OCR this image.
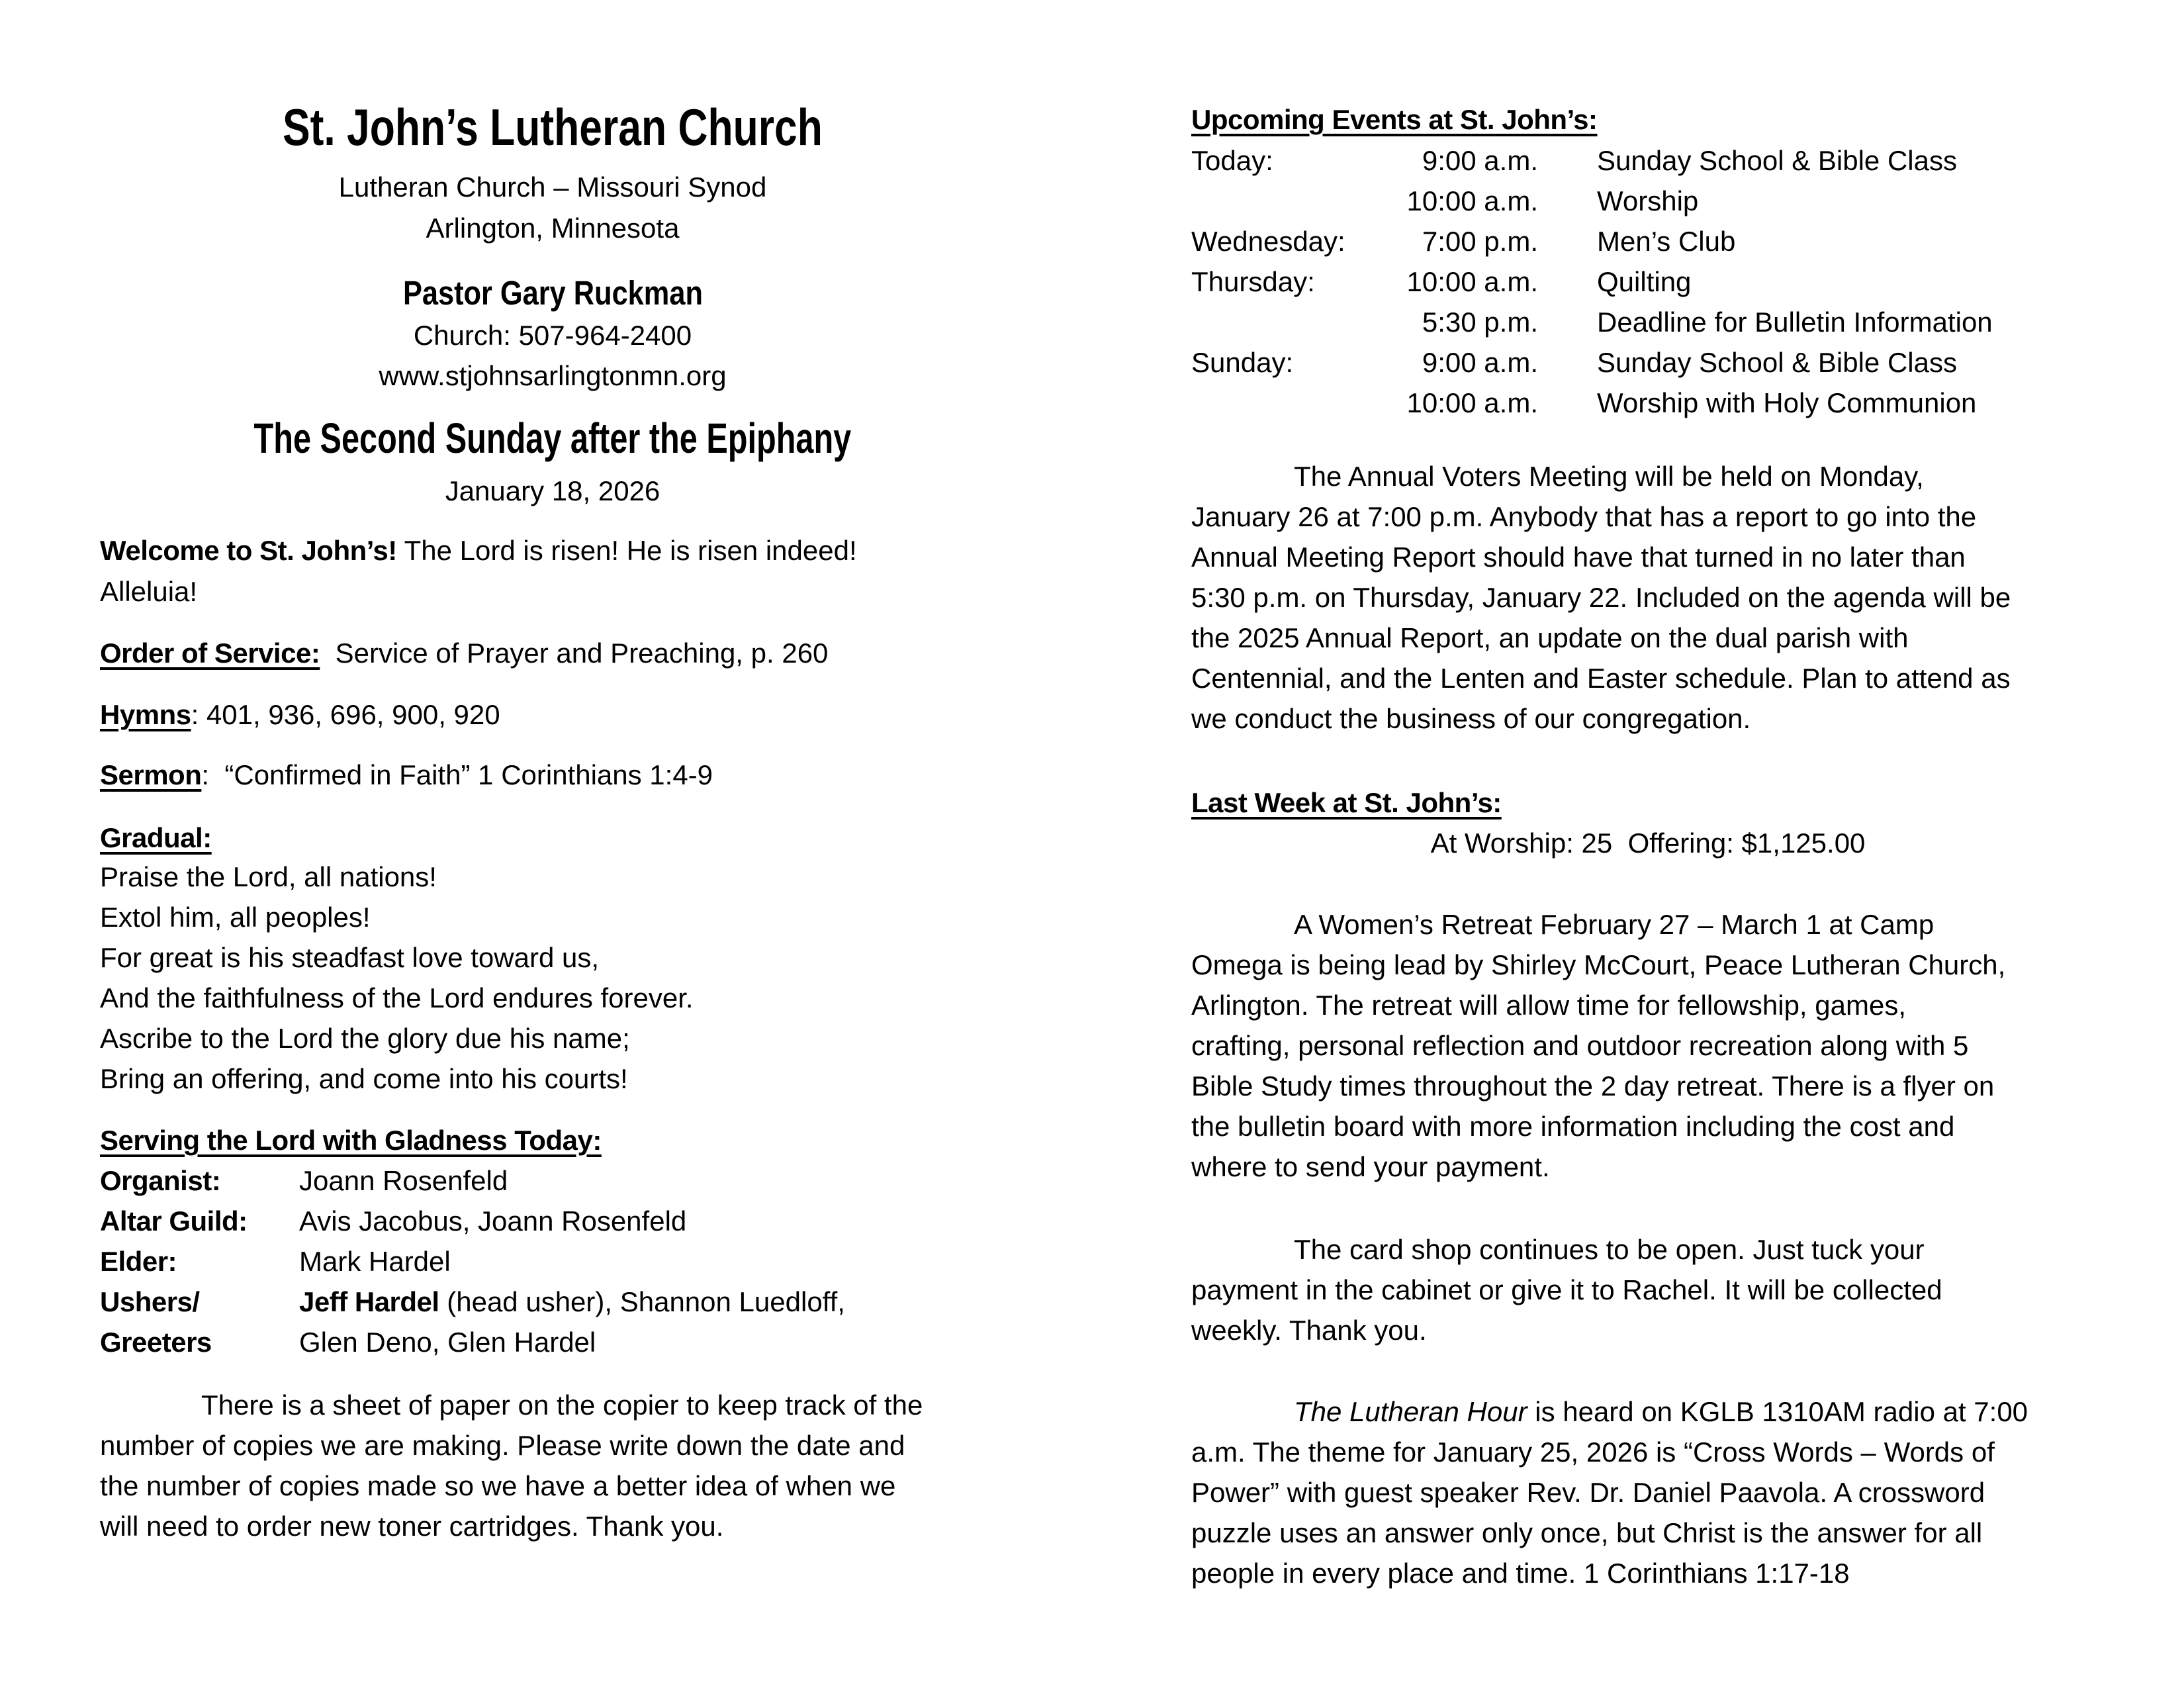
St. John’s Lutheran Church
Lutheran Church – Missouri Synod
Arlington, Minnesota
Pastor Gary Ruckman
Church: 507-964-2400
www.stjohnsarlingtonmn.org
The Second Sunday after the Epiphany
January 18, 2026
Welcome to St. John’s! The Lord is risen! He is risen indeed!
Alleluia!
Order of Service:  Service of Prayer and Preaching, p. 260
Hymns: 401, 936, 696, 900, 920
Sermon:  “Confirmed in Faith” 1 Corinthians 1:4-9
Gradual:
Praise the Lord, all nations!
Extol him, all peoples!
For great is his steadfast love toward us,
And the faithfulness of the Lord endures forever.
Ascribe to the Lord the glory due his name;
Bring an offering, and come into his courts!
Serving the Lord with Gladness Today:
Organist:	Joann Rosenfeld
Altar Guild: Avis Jacobus, Joann Rosenfeld
Elder:	Mark Hardel
Ushers/	Jeff Hardel (head usher), Shannon Luedloff,
Greeters	Glen Deno, Glen Hardel
There is a sheet of paper on the copier to keep track of the
number of copies we are making. Please write down the date and
the number of copies made so we have a better idea of when we
will need to order new toner cartridges. Thank you.
Upcoming Events at St. John’s:
Today:	9:00 a.m. Sunday School & Bible Class
10:00 a.m. Worship
Wednesday:	7:00 p.m. Men’s Club
Thursday:	10:00 a.m. Quilting
5:30 p.m. Deadline for Bulletin Information
Sunday:	9:00 a.m. Sunday School & Bible Class
10:00 a.m. Worship with Holy Communion
The Annual Voters Meeting will be held on Monday,
January 26 at 7:00 p.m. Anybody that has a report to go into the
Annual Meeting Report should have that turned in no later than
5:30 p.m. on Thursday, January 22. Included on the agenda will be
the 2025 Annual Report, an update on the dual parish with
Centennial, and the Lenten and Easter schedule. Plan to attend as
we conduct the business of our congregation.
Last Week at St. John’s:
At Worship: 25  Offering: $1,125.00
A Women’s Retreat February 27 – March 1 at Camp
Omega is being lead by Shirley McCourt, Peace Lutheran Church,
Arlington. The retreat will allow time for fellowship, games,
crafting, personal reflection and outdoor recreation along with 5
Bible Study times throughout the 2 day retreat. There is a flyer on
the bulletin board with more information including the cost and
where to send your payment.
The card shop continues to be open. Just tuck your
payment in the cabinet or give it to Rachel. It will be collected
weekly. Thank you.
The Lutheran Hour is heard on KGLB 1310AM radio at 7:00
a.m. The theme for January 25, 2026 is “Cross Words – Words of
Power” with guest speaker Rev. Dr. Daniel Paavola. A crossword
puzzle uses an answer only once, but Christ is the answer for all
people in every place and time. 1 Corinthians 1:17-18
